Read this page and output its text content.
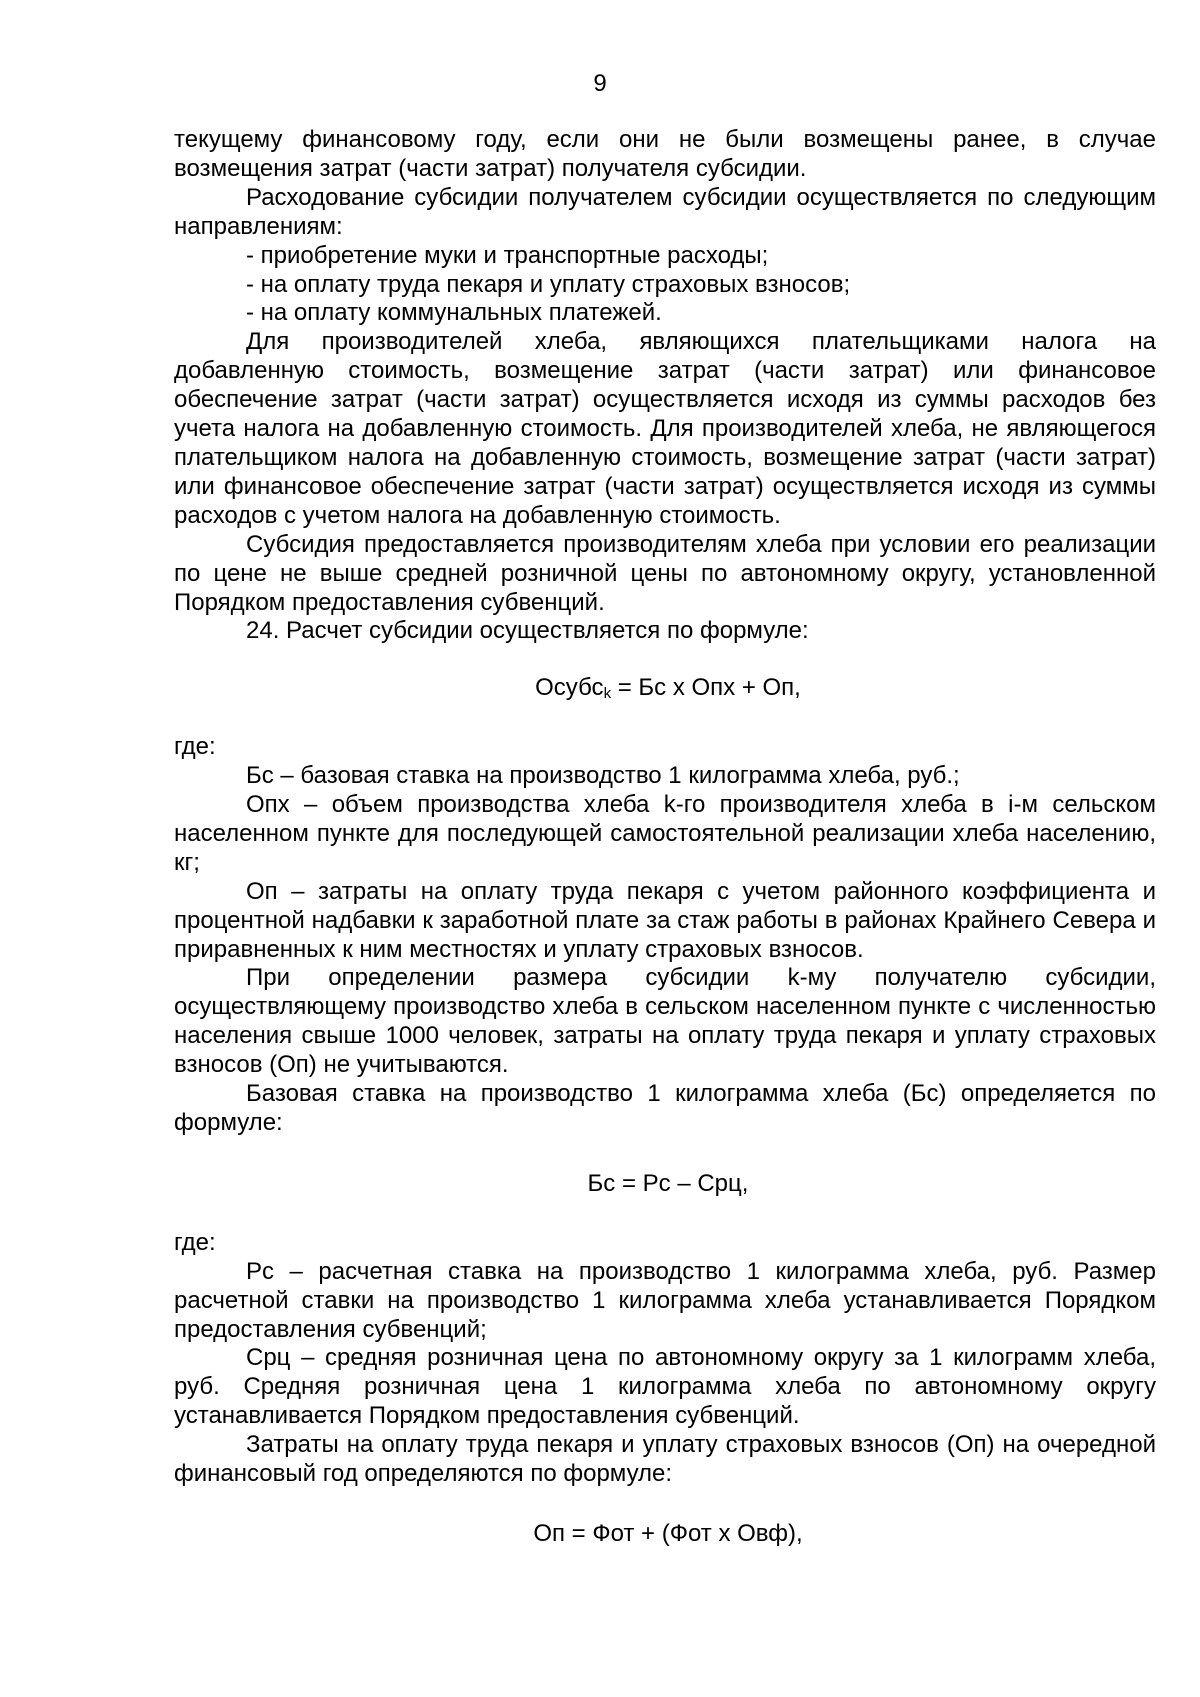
9

текущему финансовому году, если они не были возмещены ранее, в случае возмещения затрат (части затрат) получателя субсидии.

Расходование субсидии получателем субсидии осуществляется по следующим направлениям:

- приобретение муки и транспортные расходы;

- на оплату труда пекаря и уплату страховых взносов;

- на оплату коммунальных платежей.

Для производителей хлеба, являющихся плательщиками налога на добавленную стоимость, возмещение затрат (части затрат) или финансовое обеспечение затрат (части затрат) осуществляется исходя из суммы расходов без учета налога на добавленную стоимость. Для производителей хлеба, не являющегося плательщиком налога на добавленную стоимость, возмещение затрат (части затрат) или финансовое обеспечение затрат (части затрат) осуществляется исходя из суммы расходов с учетом налога на добавленную стоимость.

Субсидия предоставляется производителям хлеба при условии его реализации по цене не выше средней розничной цены по автономному округу, установленной Порядком предоставления субвенций.

24. Расчет субсидии осуществляется по формуле:

Осубс$_k$ = Бс х Опх + Оп,

где:

Бс – базовая ставка на производство 1 килограмма хлеба, руб.;

Опх – объем производства хлеба k-го производителя хлеба в i-м сельском населенном пункте для последующей самостоятельной реализации хлеба населению, кг;

Оп – затраты на оплату труда пекаря с учетом районного коэффициента и процентной надбавки к заработной плате за стаж работы в районах Крайнего Севера и приравненных к ним местностях и уплату страховых взносов.

При определении размера субсидии k-му получателю субсидии, осуществляющему производство хлеба в сельском населенном пункте с численностью населения свыше 1000 человек, затраты на оплату труда пекаря и уплату страховых взносов (Оп) не учитываются.

Базовая ставка на производство 1 килограмма хлеба (Бс) определяется по формуле:

Бс = Рс – Срц,

где:

Рс – расчетная ставка на производство 1 килограмма хлеба, руб. Размер расчетной ставки на производство 1 килограмма хлеба устанавливается Порядком предоставления субвенций;

Срц – средняя розничная цена по автономному округу за 1 килограмм хлеба, руб. Средняя розничная цена 1 килограмма хлеба по автономному округу устанавливается Порядком предоставления субвенций.

Затраты на оплату труда пекаря и уплату страховых взносов (Оп) на очередной финансовый год определяются по формуле:

Оп = Фот + (Фот х Овф),
